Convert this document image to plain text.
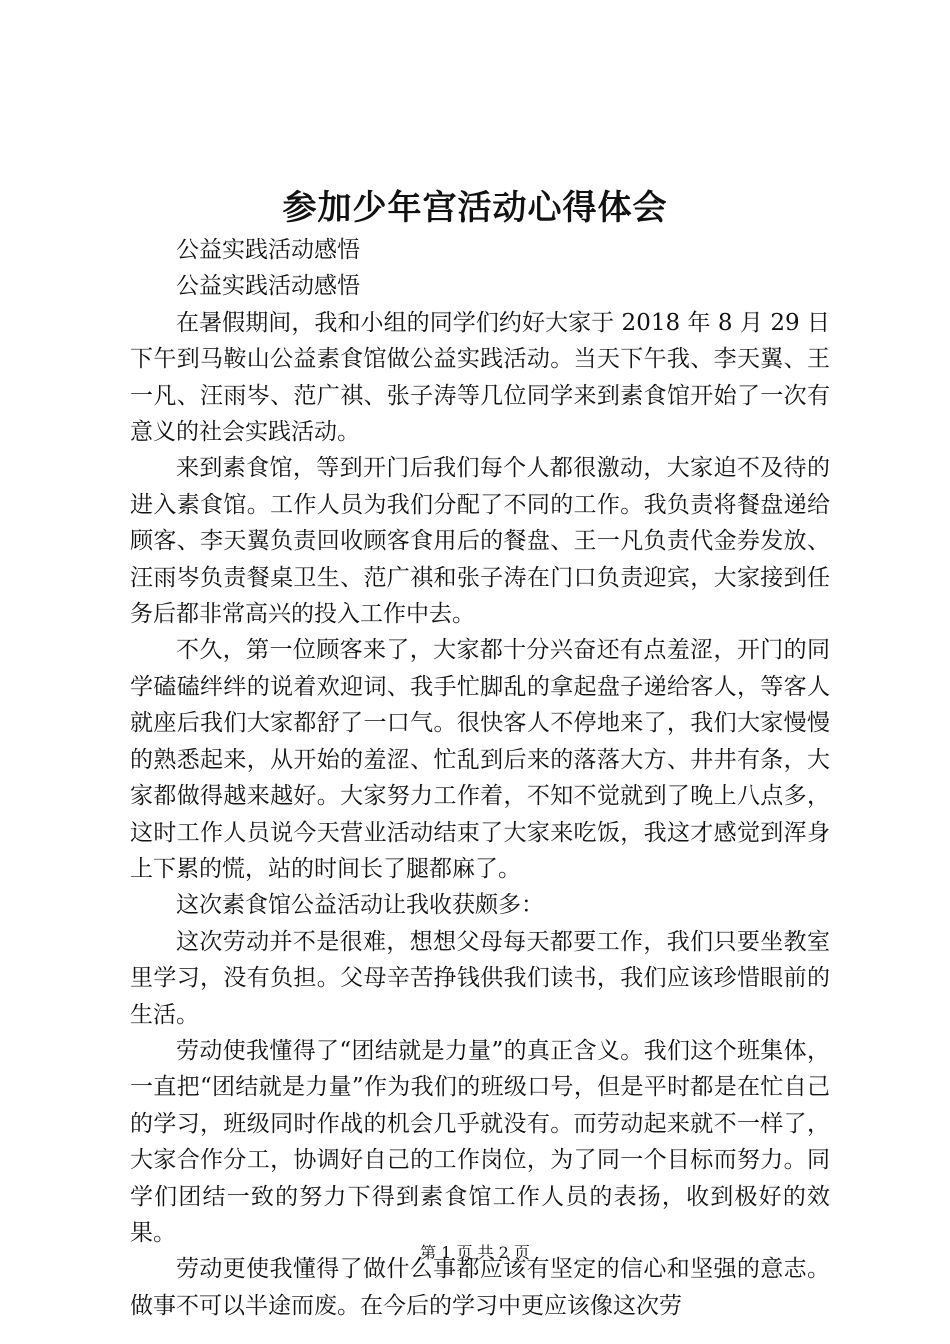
参加少年宫活动心得体会

公益实践活动感悟

公益实践活动感悟

在暑假期间，我和小组的同学们约好大家于 2018 年 8 月 29 日下午到马鞍山公益素食馆做公益实践活动。当天下午我、李天翼、王一凡、汪雨岑、范广祺、张子涛等几位同学来到素食馆开始了一次有意义的社会实践活动。

来到素食馆，等到开门后我们每个人都很激动，大家迫不及待的进入素食馆。工作人员为我们分配了不同的工作。我负责将餐盘递给顾客、李天翼负责回收顾客食用后的餐盘、王一凡负责代金券发放、汪雨岑负责餐桌卫生、范广祺和张子涛在门口负责迎宾，大家接到任务后都非常高兴的投入工作中去。

不久，第一位顾客来了，大家都十分兴奋还有点羞涩，开门的同学磕磕绊绊的说着欢迎词、我手忙脚乱的拿起盘子递给客人，等客人就座后我们大家都舒了一口气。很快客人不停地来了，我们大家慢慢的熟悉起来，从开始的羞涩、忙乱到后来的落落大方、井井有条，大家都做得越来越好。大家努力工作着，不知不觉就到了晚上八点多，这时工作人员说今天营业活动结束了大家来吃饭，我这才感觉到浑身上下累的慌，站的时间长了腿都麻了。

这次素食馆公益活动让我收获颇多：

这次劳动并不是很难，想想父母每天都要工作，我们只要坐教室里学习，没有负担。父母辛苦挣钱供我们读书，我们应该珍惜眼前的生活。

劳动使我懂得了“团结就是力量”的真正含义。我们这个班集体，一直把“团结就是力量”作为我们的班级口号，但是平时都是在忙自己的学习，班级同时作战的机会几乎就没有。而劳动起来就不一样了，大家合作分工，协调好自己的工作岗位，为了同一个目标而努力。同学们团结一致的努力下得到素食馆工作人员的表扬，收到极好的效果。

劳动更使我懂得了做什么事都应该有坚定的信心和坚强的意志。做事不可以半途而废。在今后的学习中更应该像这次劳

第 1 页 共 2 页
